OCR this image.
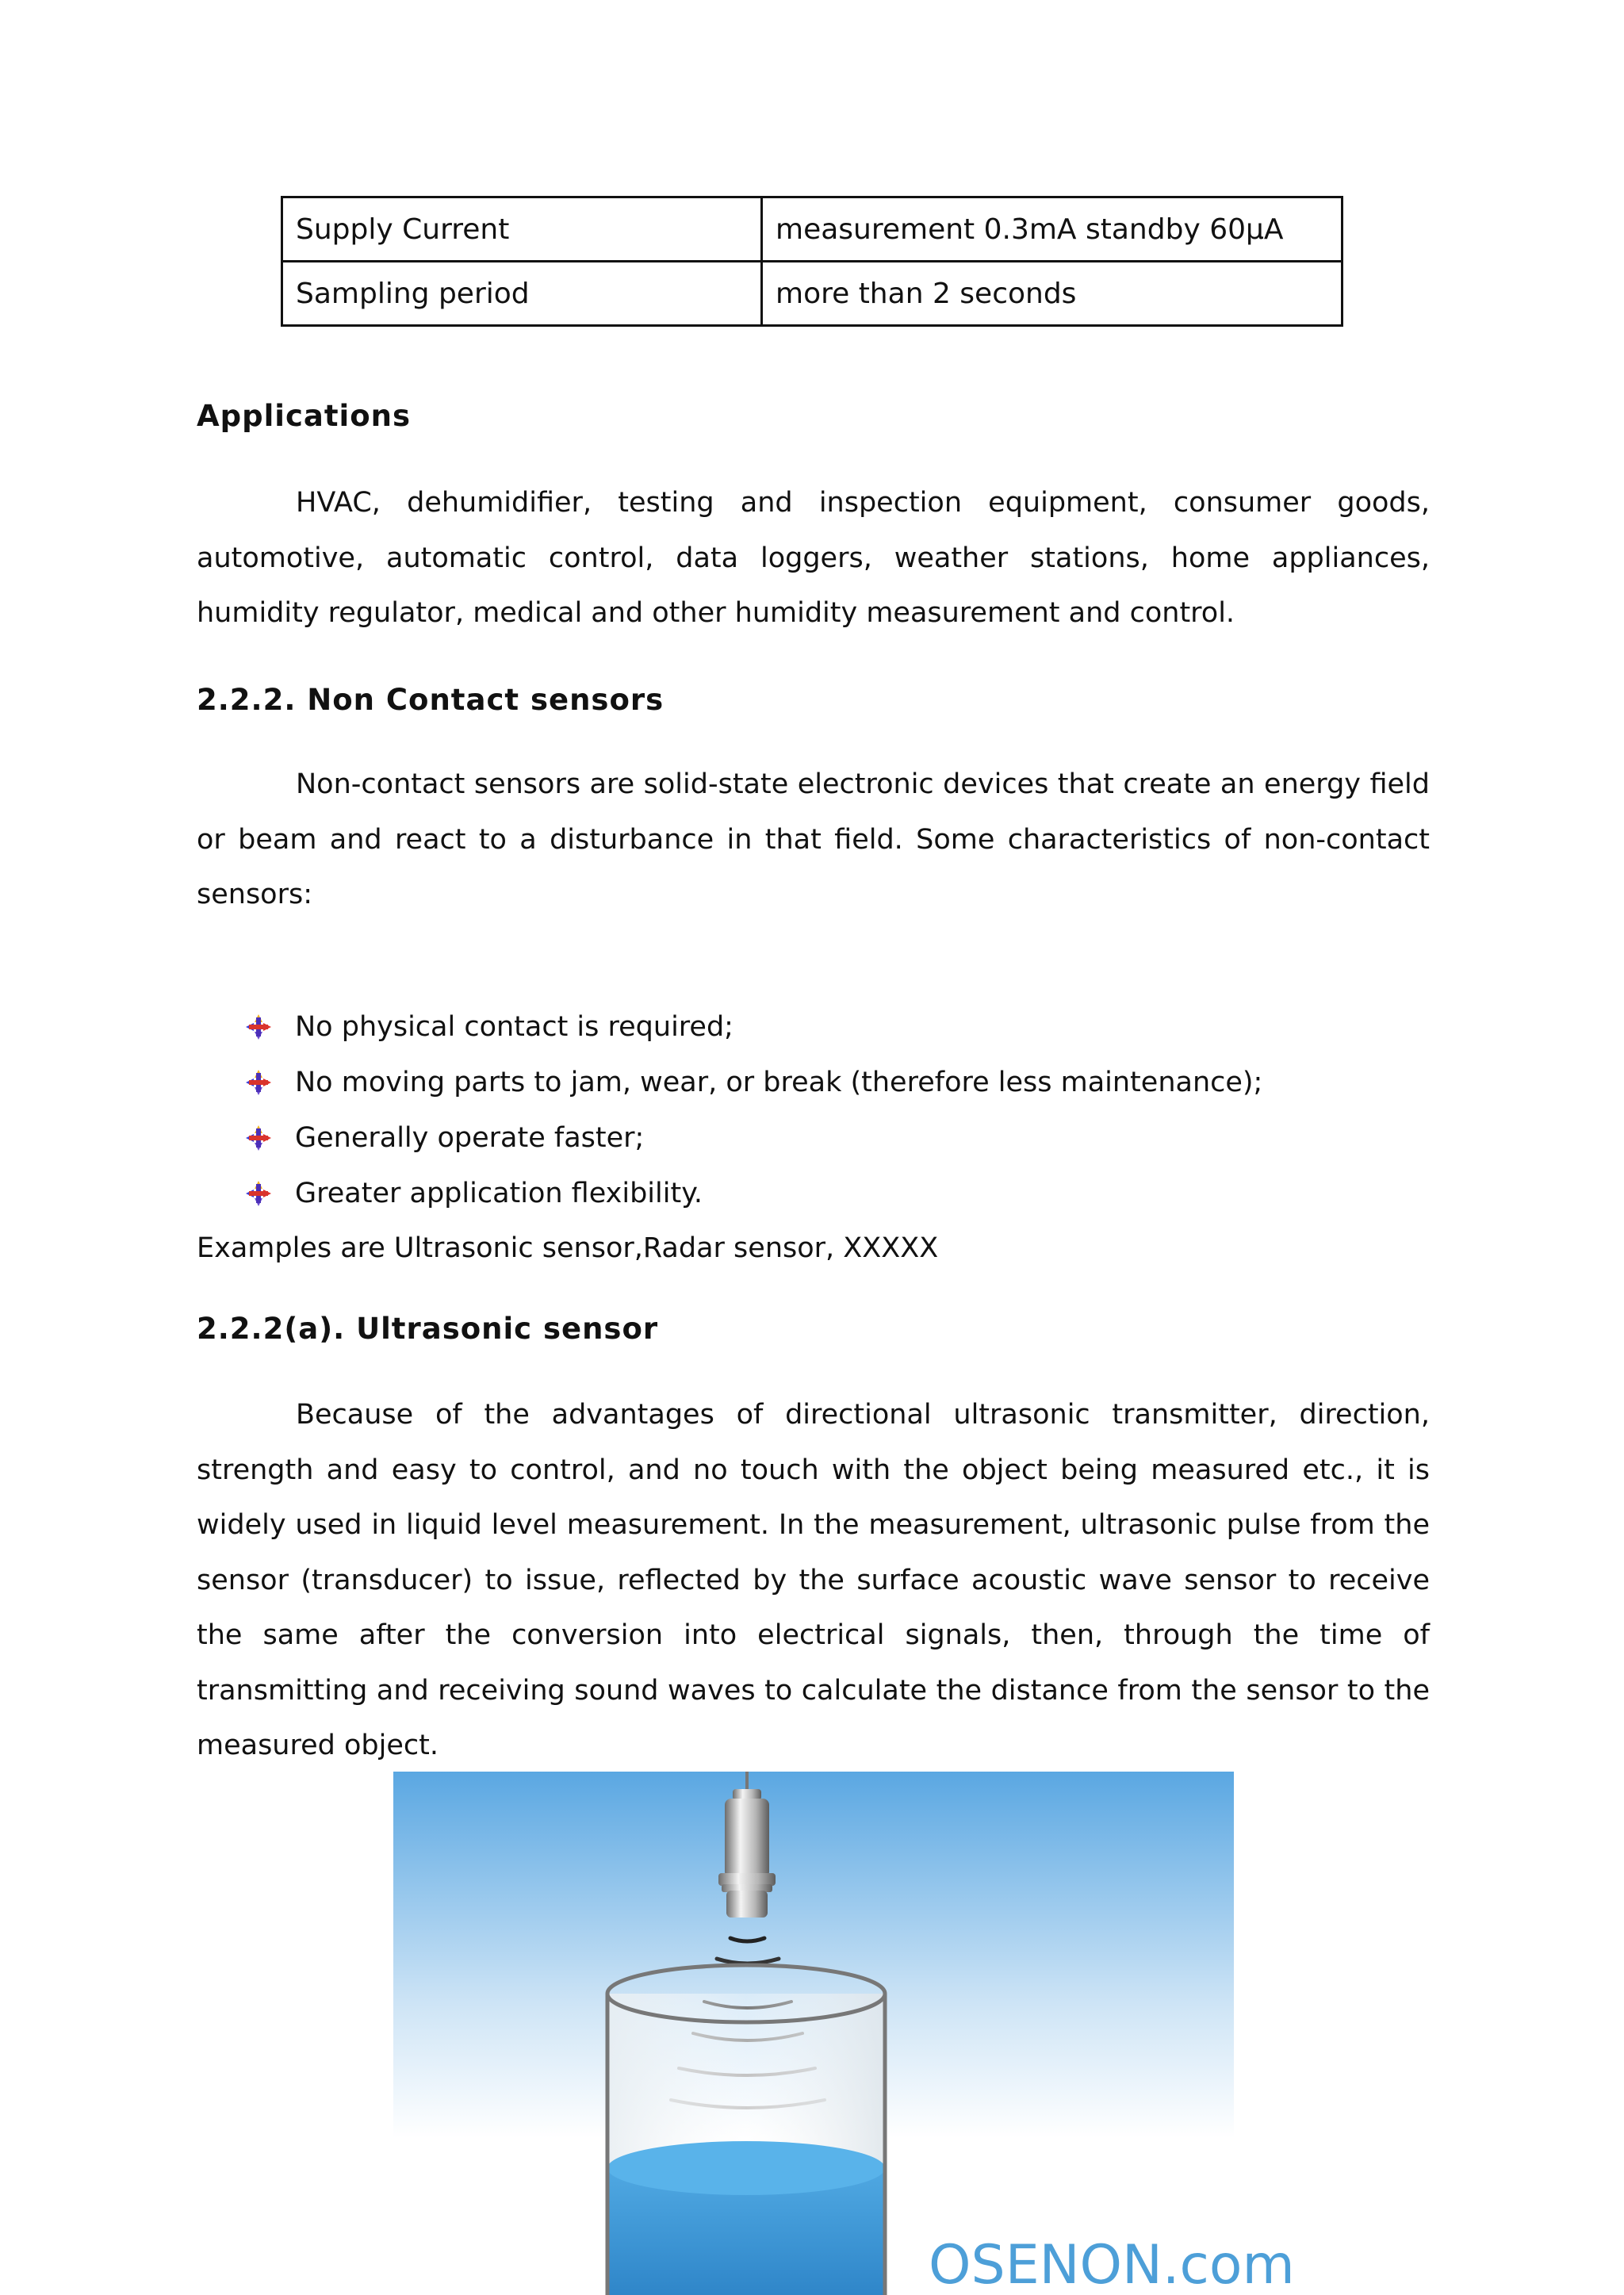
Supply Current	measurement 0.3mA standby 60μA
Sampling period	more than 2 seconds
Applications

HVAC, dehumidifier, testing and inspection equipment, consumer goods, automotive, automatic control, data loggers, weather stations, home appliances, humidity regulator, medical and other humidity measurement and control.

2.2.2. Non Contact sensors

Non-contact sensors are solid-state electronic devices that create an energy field or beam and react to a disturbance in that field. Some characteristics of non-contact sensors:

No physical contact is required;
No moving parts to jam, wear, or break (therefore less maintenance);
Generally operate faster;
Greater application flexibility.
Examples are Ultrasonic sensor,Radar sensor, XXXXX
2.2.2(a). Ultrasonic sensor

Because of the advantages of directional ultrasonic transmitter, direction, strength and easy to control, and no touch with the object being measured etc., it is widely used in liquid level measurement. In the measurement, ultrasonic pulse from the sensor (transducer) to issue, reflected by the surface acoustic wave sensor to receive the same after the conversion into electrical signals, then, through the time of transmitting and receiving sound waves to calculate the distance from the sensor to the measured object.

OSENON.com
